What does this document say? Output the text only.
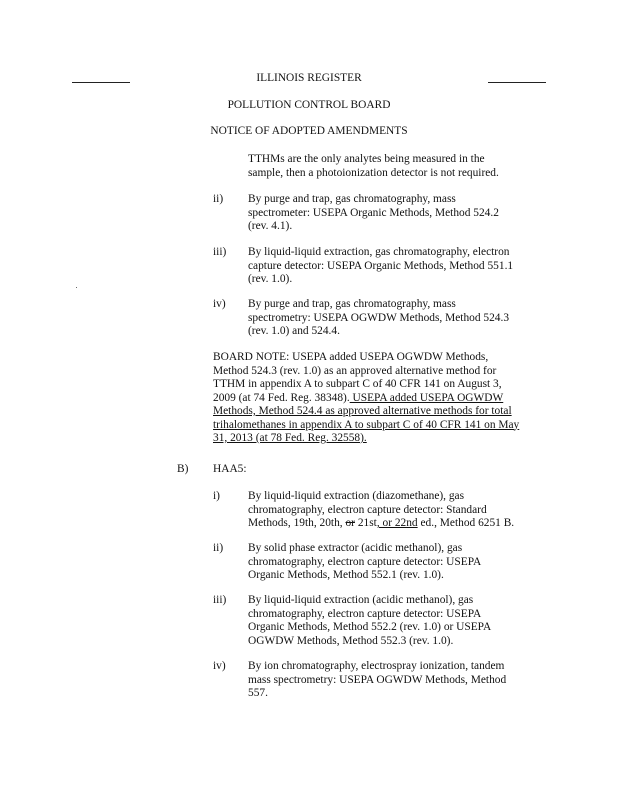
ILLINOIS REGISTER
POLLUTION CONTROL BOARD
NOTICE OF ADOPTED AMENDMENTS
TTHMs are the only analytes being measured in the
sample, then a photoionization detector is not required.
ii) By purge and trap, gas chromatography, mass
spectrometer: USEPA Organic Methods, Method 524.2
(rev. 4.1).
iii) By liquid-liquid extraction, gas chromatography, electron
capture detector: USEPA Organic Methods, Method 551.1
(rev. 1.0).
iv) By purge and trap, gas chromatography, mass
spectrometry: USEPA OGWDW Methods, Method 524.3
(rev. 1.0) and 524.4.
BOARD NOTE: USEPA added USEPA OGWDW Methods,
Method 524.3 (rev. 1.0) as an approved alternative method for
TTHM in appendix A to subpart C of 40 CFR 141 on August 3,
2009 (at 74 Fed. Reg. 38348). USEPA added USEPA OGWDW
Methods, Method 524.4 as approved alternative methods for total
trihalomethanes in appendix A to subpart C of 40 CFR 141 on May
31, 2013 (at 78 Fed. Reg. 32558).
B) HAA5:
i) By liquid-liquid extraction (diazomethane), gas
chromatography, electron capture detector: Standard
Methods, 19th, 20th, or 21st, or 22nd ed., Method 6251 B.
ii) By solid phase extractor (acidic methanol), gas
chromatography, electron capture detector: USEPA
Organic Methods, Method 552.1 (rev. 1.0).
iii) By liquid-liquid extraction (acidic methanol), gas
chromatography, electron capture detector: USEPA
Organic Methods, Method 552.2 (rev. 1.0) or USEPA
OGWDW Methods, Method 552.3 (rev. 1.0).
iv) By ion chromatography, electrospray ionization, tandem
mass spectrometry: USEPA OGWDW Methods, Method
557.
